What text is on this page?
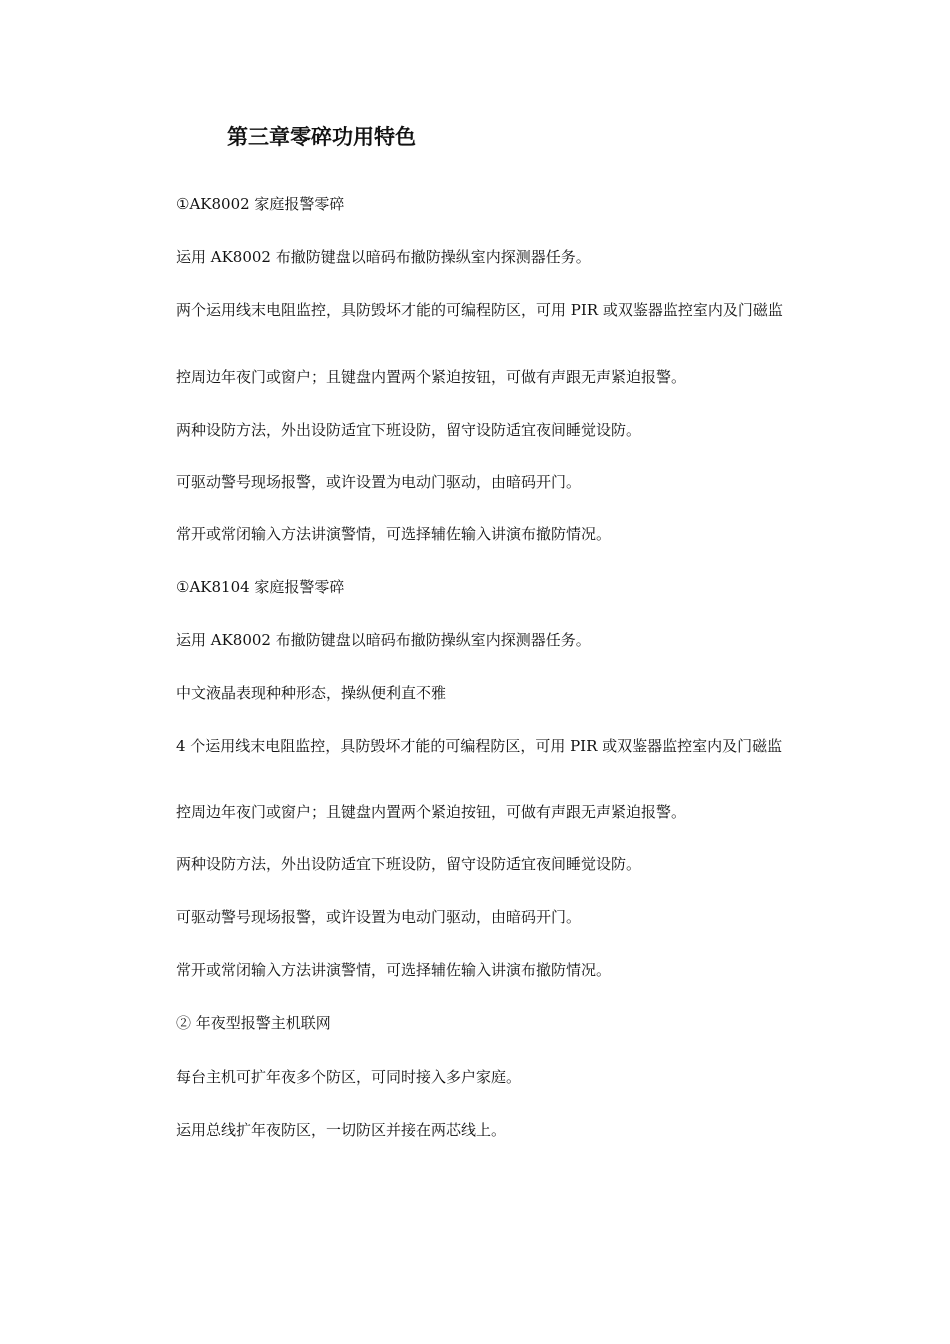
第三章零碎功用特色
①AK8002 家庭报警零碎
运用 AK8002 布撤防键盘以暗码布撤防操纵室内探测器任务。
两个运用线末电阻监控，具防毁坏才能的可编程防区，可用 PIR 或双鉴器监控室内及门磁监
控周边年夜门或窗户；且键盘内置两个紧迫按钮，可做有声跟无声紧迫报警。
两种设防方法，外出设防适宜下班设防，留守设防适宜夜间睡觉设防。
可驱动警号现场报警，或许设置为电动门驱动，由暗码开门。
常开或常闭输入方法讲演警情，可选择辅佐输入讲演布撤防情况。
①AK8104 家庭报警零碎
运用 AK8002 布撤防键盘以暗码布撤防操纵室内探测器任务。
中文液晶表现种种形态，操纵便利直不雅
4 个运用线末电阻监控，具防毁坏才能的可编程防区，可用 PIR 或双鉴器监控室内及门磁监
控周边年夜门或窗户；且键盘内置两个紧迫按钮，可做有声跟无声紧迫报警。
两种设防方法，外出设防适宜下班设防，留守设防适宜夜间睡觉设防。
可驱动警号现场报警，或许设置为电动门驱动，由暗码开门。
常开或常闭输入方法讲演警情，可选择辅佐输入讲演布撤防情况。
② 年夜型报警主机联网
每台主机可扩年夜多个防区，可同时接入多户家庭。
运用总线扩年夜防区，一切防区并接在两芯线上。
